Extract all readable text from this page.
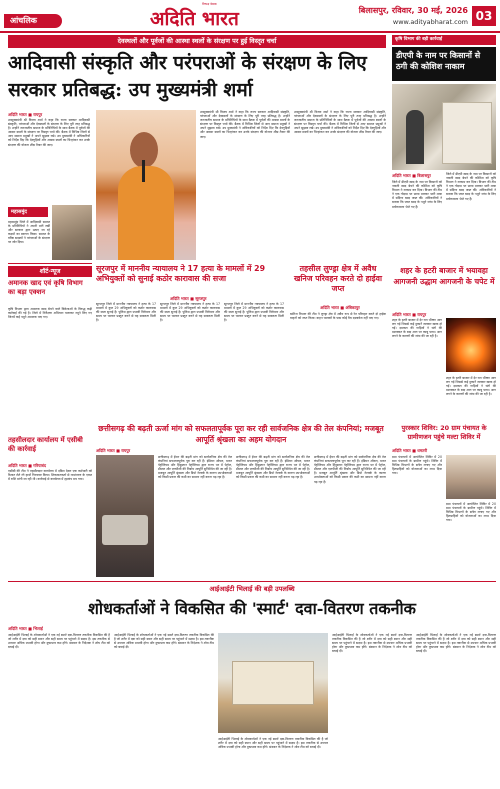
आंचलिक
निष्पक्ष बेबाक
अदिति भारत	बिलासपुर, रविवार, 30 मई, 2026
www.adityabharat.com 03
देवस्थलों और पूर्वजों की आस्था स्थलों के संरक्षण पर हुई विस्तृत चर्चा
आदिवासी संस्कृति और परंपराओं के संरक्षण के लिए सरकार प्रतिबद्ध: उप मुख्यमंत्री शर्मा
अदिति भारत ■ रायपुर
उपमुख्यमंत्री श्री विजय शर्मा ने कहा कि राज्य सरकार आदिवासी संस्कृति, परंपराओं और देवस्थलों के संरक्षण के लिए पूरी तरह प्रतिबद्ध है। उन्होंने जनजातीय समाज के प्रतिनिधियों के साथ बैठक में पूर्वजों की आस्था स्थलों के संरक्षण पर विस्तृत चर्चा की। बैठक में विभिन्न जिलों से आए समाज प्रमुखों ने अपने सुझाव रखे। उप मुख्यमंत्री ने अधिकारियों को निर्देश दिए कि देवगुड़ियों और आस्था स्थलों का चिन्हांकन कर उनके संरक्षण की योजना शीघ्र तैयार की जाए।
उपमुख्यमंत्री श्री विजय शर्मा ने कहा कि राज्य सरकार आदिवासी संस्कृति, परंपराओं और देवस्थलों के संरक्षण के लिए पूरी तरह प्रतिबद्ध है। उन्होंने जनजातीय समाज के प्रतिनिधियों के साथ बैठक में पूर्वजों की आस्था स्थलों के संरक्षण पर विस्तृत चर्चा की। बैठक में विभिन्न जिलों से आए समाज प्रमुखों ने अपने सुझाव रखे। उप मुख्यमंत्री ने अधिकारियों को निर्देश दिए कि देवगुड़ियों और आस्था स्थलों का चिन्हांकन कर उनके संरक्षण की योजना शीघ्र तैयार की जाए।
उपमुख्यमंत्री श्री विजय शर्मा ने कहा कि राज्य सरकार आदिवासी संस्कृति, परंपराओं और देवस्थलों के संरक्षण के लिए पूरी तरह प्रतिबद्ध है। उन्होंने जनजातीय समाज के प्रतिनिधियों के साथ बैठक में पूर्वजों की आस्था स्थलों के संरक्षण पर विस्तृत चर्चा की। बैठक में विभिन्न जिलों से आए समाज प्रमुखों ने अपने सुझाव रखे। उप मुख्यमंत्री ने अधिकारियों को निर्देश दिए कि देवगुड़ियों और आस्था स्थलों का चिन्हांकन कर उनके संरक्षण की योजना शीघ्र तैयार की जाए।
महासमुंद
महासमुंद जिले में आदिवासी समाज के प्रतिनिधियों ने अपनी मांगें रखीं और सरकार द्वारा उठाए जा रहे कदमों का स्वागत किया। समाज के वरिष्ठ सदस्यों ने परंपराओं के संरक्षण पर जोर दिया।
शॉर्ट-न्यूज
अमानक खाद एवं कृषि विभाग का बड़ा एक्शन
कृषि विभाग द्वारा अमानक खाद बेचने वाले विक्रेताओं के विरुद्ध कड़ी कार्रवाई की गई है। जिले में निरीक्षण अभियान चलाकर नमूने लिए गए जिनमें कई नमूने अमानक पाए गए।
तहसीलदार कार्यालय में एसीबी की कार्रवाई
अदिति भारत ■ गरियाबंद
एसीबी की टीम ने तहसीलदार कार्यालय में दबिश देकर एक कर्मचारी को रिश्वत लेते रंगे हाथों गिरफ्तार किया। शिकायतकर्ता से नामांतरण के एवज में राशि मांगी जा रही थी। कार्रवाई से कार्यालय में हड़कंप मच गया।
सूरजपुर में माननीय न्यायालय ने 17 हत्या के मामलों में 29 अभियुक्तों को सुनाई कठोर कारावास की सजा
अदिति भारत ■ सूरजपुर
सूरजपुर जिले में माननीय न्यायालय ने हत्या के 17 मामलों में कुल 29 अभियुक्तों को कठोर कारावास की सजा सुनाई है। पुलिस द्वारा प्रभावी विवेचना और समय पर चालान प्रस्तुत करने से यह सफलता मिली है।
सूरजपुर जिले में माननीय न्यायालय ने हत्या के 17 मामलों में कुल 29 अभियुक्तों को कठोर कारावास की सजा सुनाई है। पुलिस द्वारा प्रभावी विवेचना और समय पर चालान प्रस्तुत करने से यह सफलता मिली है।
सूरजपुर जिले में माननीय न्यायालय ने हत्या के 17 मामलों में कुल 29 अभियुक्तों को कठोर कारावास की सजा सुनाई है। पुलिस द्वारा प्रभावी विवेचना और समय पर चालान प्रस्तुत करने से यह सफलता मिली है।
तहसील लुण्ड्रा क्षेत्र में अवैध खनिज परिवहन करते दो हाईवा जप्त
अदिति भारत ■ अंबिकापुर
खनिज विभाग की टीम ने लुण्ड्रा क्षेत्र में अवैध रूप से रेत परिवहन करते दो हाईवा वाहनों को जप्त किया। वाहन चालकों के पास कोई वैध दस्तावेज नहीं पाए गए।
छत्तीसगढ़ की बढ़ती ऊर्जा मांग को सफलतापूर्वक पूरा कर रही सार्वजनिक क्षेत्र की तेल कंपनियां; मजबूत आपूर्ति श्रृंखला का अहम योगदान
अदिति भारत ■ रायपुर
छत्तीसगढ़ में ईंधन की बढ़ती मांग को सार्वजनिक क्षेत्र की तेल कंपनियां सफलतापूर्वक पूरा कर रही हैं। इंडियन ऑयल, भारत पेट्रोलियम और हिंदुस्तान पेट्रोलियम द्वारा राज्य भर में पेट्रोल, डीजल और एलपीजी की निर्बाध आपूर्ति सुनिश्चित की जा रही है। मजबूत आपूर्ति श्रृंखला और डिपो नेटवर्क के कारण उपभोक्ताओं को किसी प्रकार की कमी का सामना नहीं करना पड़ रहा है।
छत्तीसगढ़ में ईंधन की बढ़ती मांग को सार्वजनिक क्षेत्र की तेल कंपनियां सफलतापूर्वक पूरा कर रही हैं। इंडियन ऑयल, भारत पेट्रोलियम और हिंदुस्तान पेट्रोलियम द्वारा राज्य भर में पेट्रोल, डीजल और एलपीजी की निर्बाध आपूर्ति सुनिश्चित की जा रही है। मजबूत आपूर्ति श्रृंखला और डिपो नेटवर्क के कारण उपभोक्ताओं को किसी प्रकार की कमी का सामना नहीं करना पड़ रहा है।
छत्तीसगढ़ में ईंधन की बढ़ती मांग को सार्वजनिक क्षेत्र की तेल कंपनियां सफलतापूर्वक पूरा कर रही हैं। इंडियन ऑयल, भारत पेट्रोलियम और हिंदुस्तान पेट्रोलियम द्वारा राज्य भर में पेट्रोल, डीजल और एलपीजी की निर्बाध आपूर्ति सुनिश्चित की जा रही है। मजबूत आपूर्ति श्रृंखला और डिपो नेटवर्क के कारण उपभोक्ताओं को किसी प्रकार की कमी का सामना नहीं करना पड़ रहा है।
कृषि विभाग की बड़ी कार्रवाई
डीएपी के नाम पर किसानों से ठगी की कोशिश नाकाम
अदिति भारत ■ बिलासपुर
जिले में डीएपी खाद के नाम पर किसानों को नकली खाद बेचने की कोशिश को कृषि विभाग ने नाकाम कर दिया। विभाग की टीम ने एक गोदाम पर छापा मारकर भारी मात्रा में संदिग्ध खाद जब्त की। अधिकारियों ने बताया कि जब्त खाद के नमूने जांच के लिए प्रयोगशाला भेजे गए हैं।
जिले में डीएपी खाद के नाम पर किसानों को नकली खाद बेचने की कोशिश को कृषि विभाग ने नाकाम कर दिया। विभाग की टीम ने एक गोदाम पर छापा मारकर भारी मात्रा में संदिग्ध खाद जब्त की। अधिकारियों ने बताया कि जब्त खाद के नमूने जांच के लिए प्रयोगशाला भेजे गए हैं।
शहर के हटरी बाजार में भयावहा आगजनी उद्धाम आगजनी के चपेट में
अदिति भारत ■ रायपुर
शहर के हटरी बाजार में देर रात भीषण आग लग गई जिससे कई दुकानें जलकर खाक हो गईं। दमकल की गाड़ियों ने घंटों की मशक्कत के बाद आग पर काबू पाया। आग लगने के कारणों की जांच की जा रही है।
शहर के हटरी बाजार में देर रात भीषण आग लग गई जिससे कई दुकानें जलकर खाक हो गईं। दमकल की गाड़ियों ने घंटों की मशक्कत के बाद आग पर काबू पाया। आग लगने के कारणों की जांच की जा रही है।
पुरस्कार शिविर: 20 ग्राम पंचायत के ग्रामीणजन पहुंचे मल्टा शिविर में
अदिति भारत ■ धमतरी
ग्राम पंचायतों में आयोजित शिविर में 20 ग्राम पंचायतों के ग्रामीण पहुंचे। शिविर में विभिन्न विभागों के स्टॉल लगाए गए और हितग्राहियों को योजनाओं का लाभ दिया गया।
ग्राम पंचायतों में आयोजित शिविर में 20 ग्राम पंचायतों के ग्रामीण पहुंचे। शिविर में विभिन्न विभागों के स्टॉल लगाए गए और हितग्राहियों को योजनाओं का लाभ दिया गया।
आईआईटी भिलाई की बड़ी उपलब्धि
शोधकर्ताओं ने विकसित की 'स्मार्ट' दवा-वितरण तकनीक
अदिति भारत ■ भिलाई
आईआईटी भिलाई के शोधकर्ताओं ने एक नई स्मार्ट दवा-वितरण तकनीक विकसित की है जो शरीर में दवा को सही स्थान और सही समय पर पहुंचाने में सक्षम है। इस तकनीक से उपचार अधिक प्रभावी होगा और दुष्प्रभाव कम होंगे। संस्थान के निदेशक ने शोध टीम को बधाई दी।
आईआईटी भिलाई के शोधकर्ताओं ने एक नई स्मार्ट दवा-वितरण तकनीक विकसित की है जो शरीर में दवा को सही स्थान और सही समय पर पहुंचाने में सक्षम है। इस तकनीक से उपचार अधिक प्रभावी होगा और दुष्प्रभाव कम होंगे। संस्थान के निदेशक ने शोध टीम को बधाई दी।
आईआईटी भिलाई के शोधकर्ताओं ने एक नई स्मार्ट दवा-वितरण तकनीक विकसित की है जो शरीर में दवा को सही स्थान और सही समय पर पहुंचाने में सक्षम है। इस तकनीक से उपचार अधिक प्रभावी होगा और दुष्प्रभाव कम होंगे। संस्थान के निदेशक ने शोध टीम को बधाई दी।
आईआईटी भिलाई के शोधकर्ताओं ने एक नई स्मार्ट दवा-वितरण तकनीक विकसित की है जो शरीर में दवा को सही स्थान और सही समय पर पहुंचाने में सक्षम है। इस तकनीक से उपचार अधिक प्रभावी होगा और दुष्प्रभाव कम होंगे। संस्थान के निदेशक ने शोध टीम को बधाई दी।
आईआईटी भिलाई के शोधकर्ताओं ने एक नई स्मार्ट दवा-वितरण तकनीक विकसित की है जो शरीर में दवा को सही स्थान और सही समय पर पहुंचाने में सक्षम है। इस तकनीक से उपचार अधिक प्रभावी होगा और दुष्प्रभाव कम होंगे। संस्थान के निदेशक ने शोध टीम को बधाई दी।
